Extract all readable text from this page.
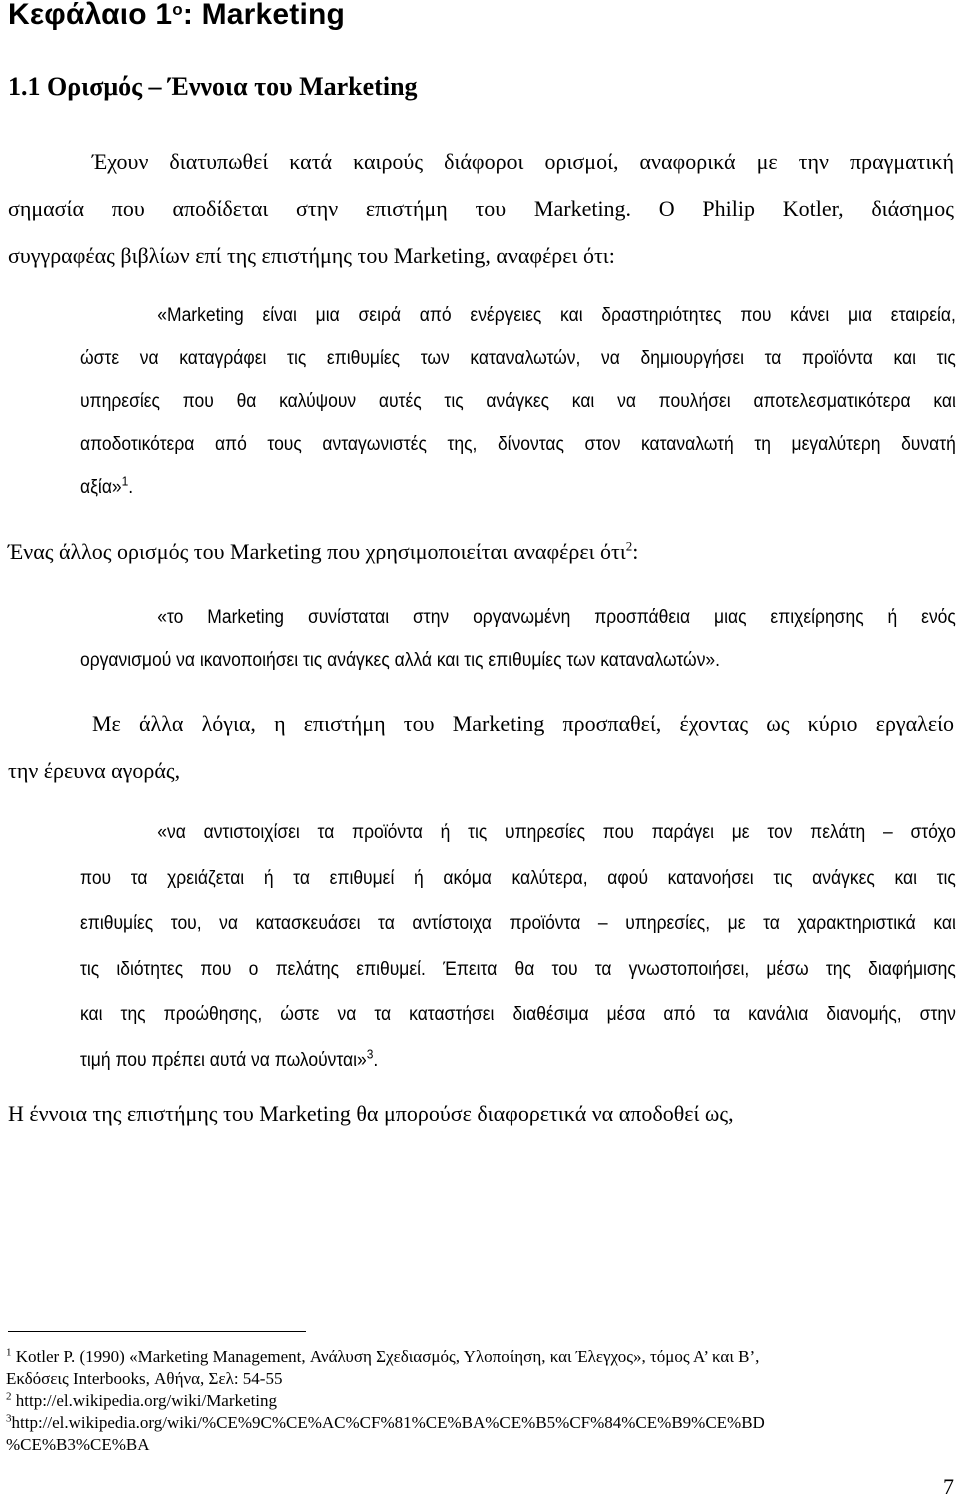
Κεφάλαιο $1^o$: Marketing
1.1 Ορισμός – Έννοια του Marketing
Έχουν διατυπωθεί κατά καιρούς διάφοροι ορισμοί, αναφορικά με την πραγματική
σημασία που αποδίδεται στην επιστήμη του Marketing. Ο Philip Kotler, διάσημος
συγγραφέας βιβλίων επί της επιστήμης του Marketing, αναφέρει ότι:
«Marketing είναι μια σειρά από ενέργειες και δραστηριότητες που κάνει μια εταιρεία,
ώστε να καταγράφει τις επιθυμίες των καταναλωτών, να δημιουργήσει τα προϊόντα και τις
υπηρεσίες που θα καλύψουν αυτές τις ανάγκες και να πουλήσει αποτελεσματικότερα και
αποδοτικότερα από τους ανταγωνιστές της, δίνοντας στον καταναλωτή τη μεγαλύτερη δυνατή
αξία»$^1$.

Ένας άλλος ορισμός του Marketing που χρησιμοποιείται αναφέρει ότι$^2$:

«το Marketing συνίσταται στην οργανωμένη προσπάθεια μιας επιχείρησης ή ενός
οργανισμού να ικανοποιήσει τις ανάγκες αλλά και τις επιθυμίες των καταναλωτών».
Με άλλα λόγια, η επιστήμη του Marketing προσπαθεί, έχοντας ως κύριο εργαλείο
την έρευνα αγοράς,
«να αντιστοιχίσει τα προϊόντα ή τις υπηρεσίες που παράγει με τον πελάτη – στόχο
που τα χρειάζεται ή τα επιθυμεί ή ακόμα καλύτερα, αφού κατανοήσει τις ανάγκες και τις
επιθυμίες του, να κατασκευάσει τα αντίστοιχα προϊόντα – υπηρεσίες, με τα χαρακτηριστικά και
τις ιδιότητες που ο πελάτης επιθυμεί. Έπειτα θα του τα γνωστοποιήσει, μέσω της διαφήμισης
και της προώθησης, ώστε να τα καταστήσει διαθέσιμα μέσα από τα κανάλια διανομής, στην
τιμή που πρέπει αυτά να πωλούνται»$^3$.

Η έννοια της επιστήμης του Marketing θα μπορούσε διαφορετικά να αποδοθεί ως,

$^1$ Kotler P. (1990) «Marketing Management, Ανάλυση Σχεδιασμός, Υλοποίηση, και Έλεγχος», τόμος Α’ και Β’,
Εκδόσεις Interbooks, Αθήνα, Σελ: 54-55
$^2$ http://el.wikipedia.org/wiki/Marketing
$^3$http://el.wikipedia.org/wiki/%CE%9C%CE%AC%CF%81%CE%BA%CE%B5%CF%84%CE%B9%CE%BD
%CE%B3%CE%BA
7
